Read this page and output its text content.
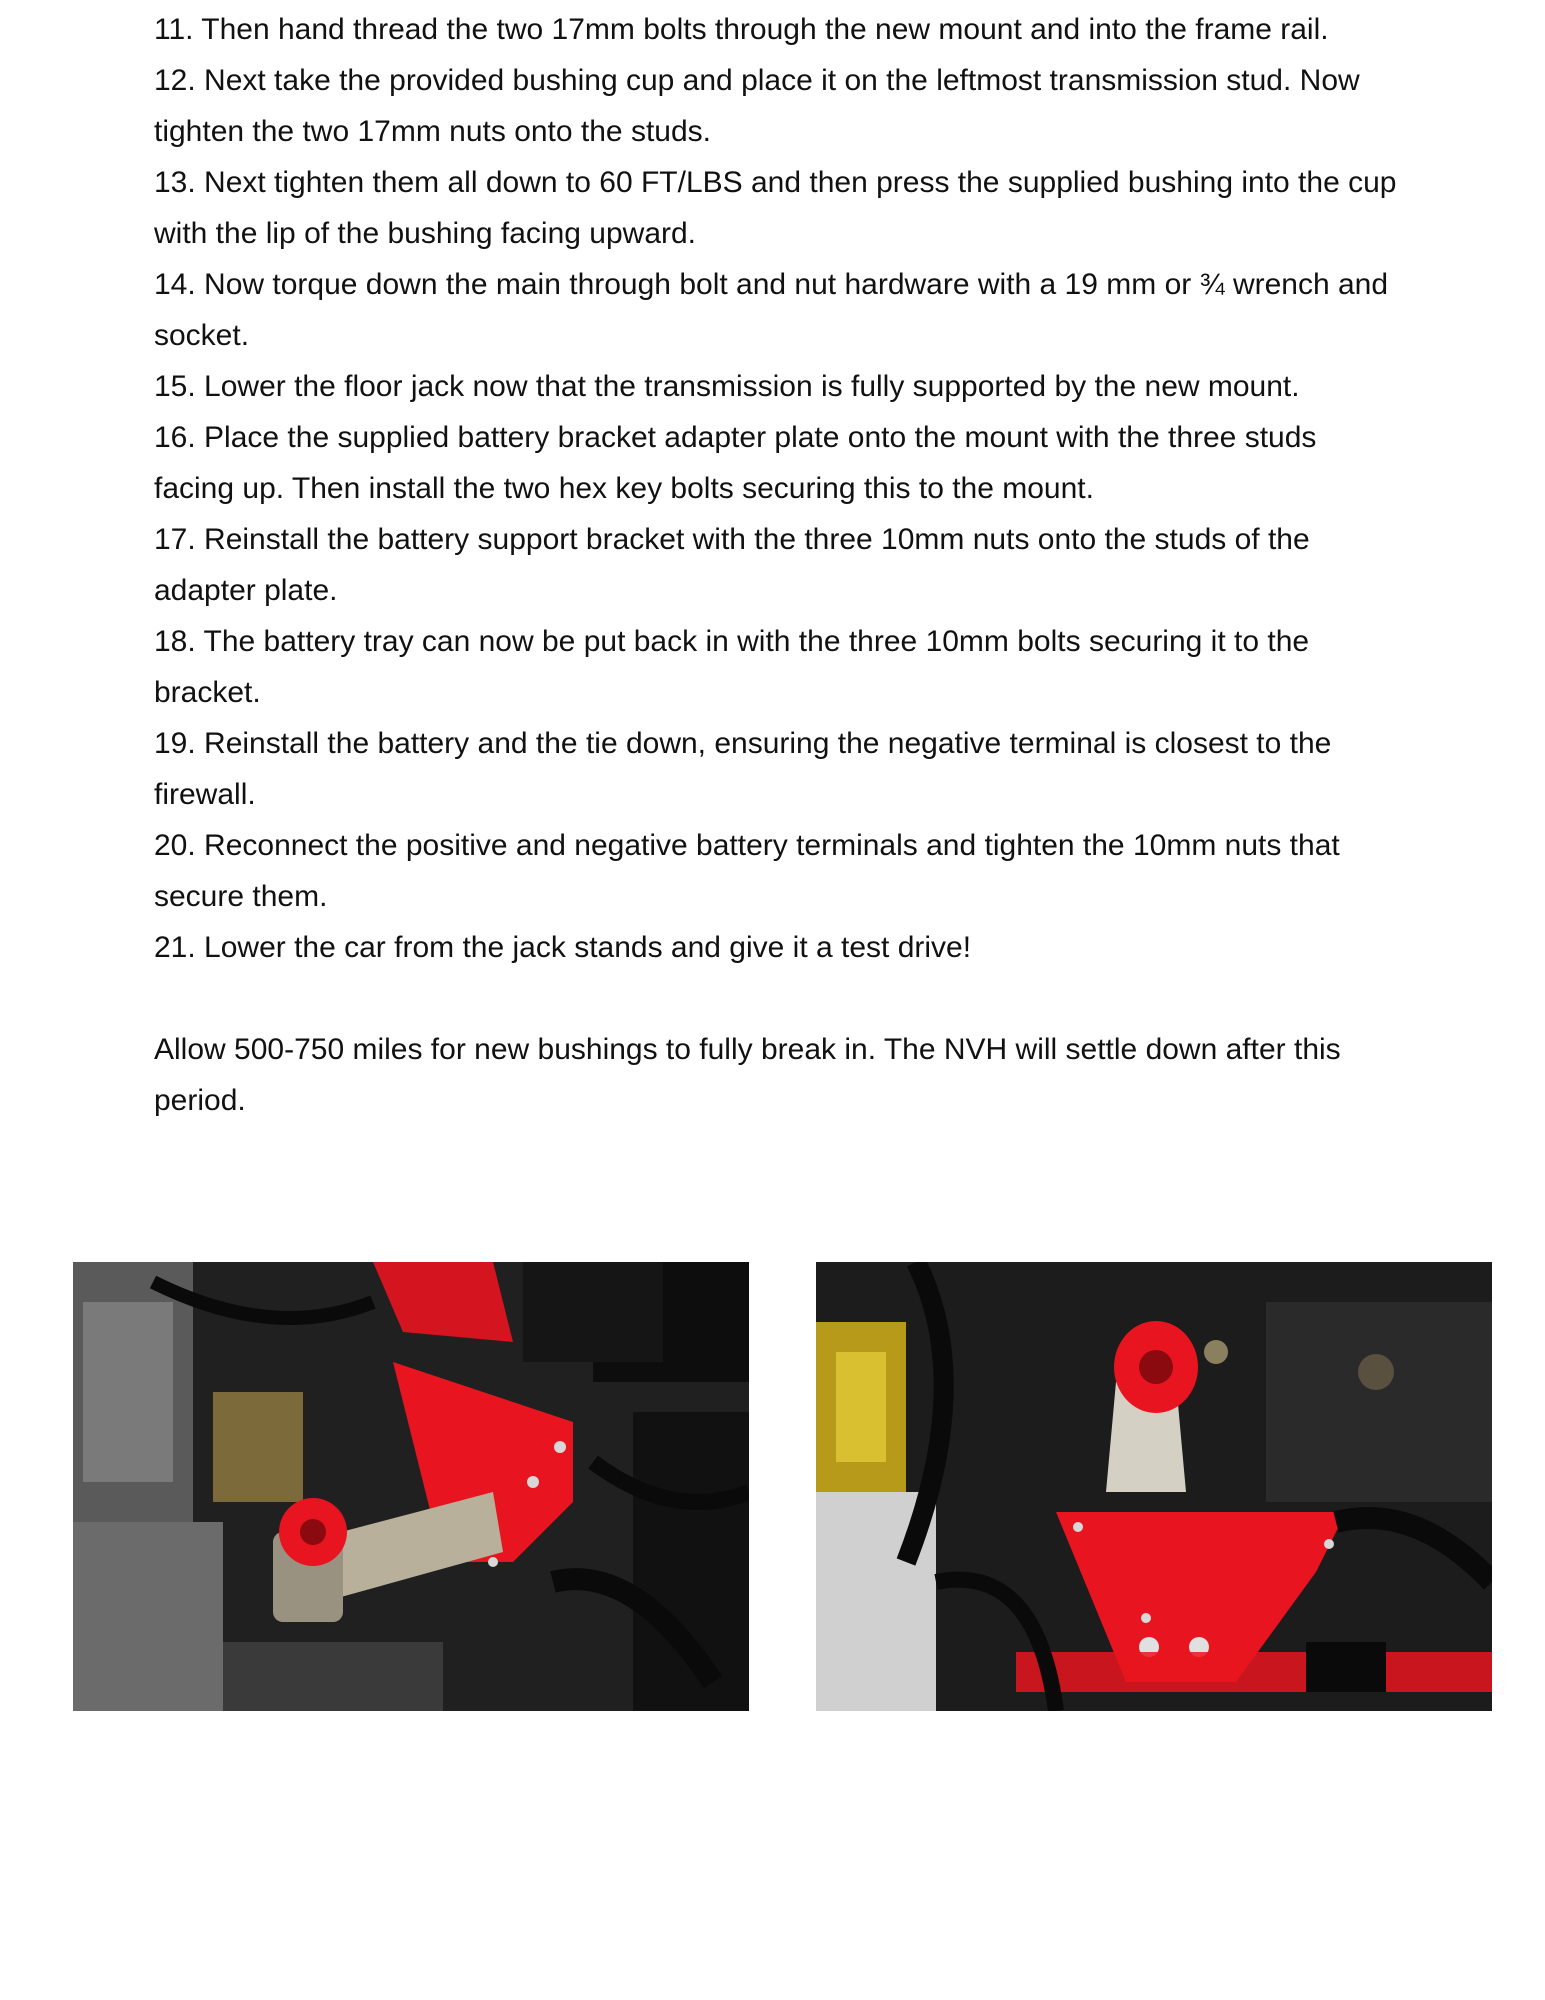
11. Then hand thread the two 17mm bolts through the new mount and into the frame rail.

12. Next take the provided bushing cup and place it on the leftmost transmission stud. Now tighten the two 17mm nuts onto the studs.

13. Next tighten them all down to 60 FT/LBS and then press the supplied bushing into the cup with the lip of the bushing facing upward.

14. Now torque down the main through bolt and nut hardware with a 19 mm or ¾ wrench and socket.

15. Lower the floor jack now that the transmission is fully supported by the new mount.

16. Place the supplied battery bracket adapter plate onto the mount with the three studs facing up. Then install the two hex key bolts securing this to the mount.

17. Reinstall the battery support bracket with the three 10mm nuts onto the studs of the adapter plate.

18. The battery tray can now be put back in with the three 10mm bolts securing it to the bracket.

19. Reinstall the battery and the tie down, ensuring the negative terminal is closest to the firewall.

20. Reconnect the positive and negative battery terminals and tighten the 10mm nuts that secure them.

21. Lower the car from the jack stands and give it a test drive!

Allow 500-750 miles for new bushings to fully break in. The NVH will settle down after this period.
